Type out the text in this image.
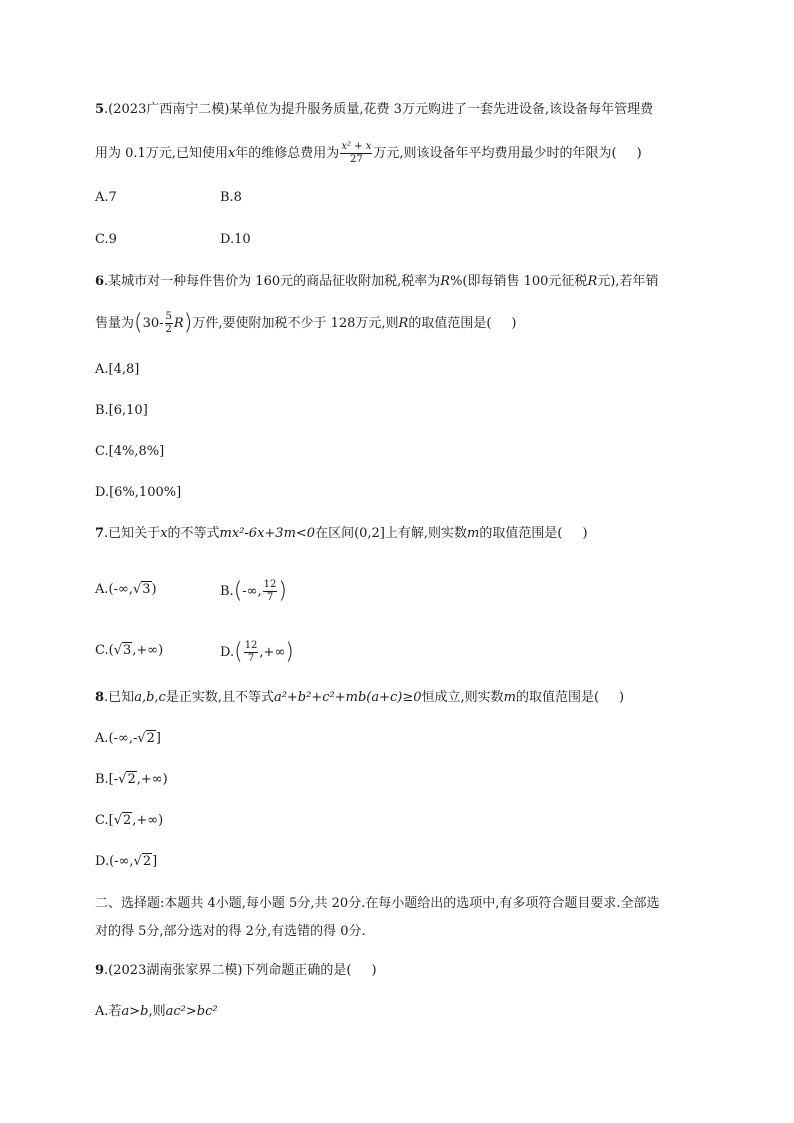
5.(2023广西南宁二模)某单位为提升服务质量,花费 3万元购进了一套先进设备,该设备每年管理费
用为 0.1万元,已知使用x年的维修总费用为 $\frac{\text{x² + x}}{27}$ 万元,则该设备年平均费用最少时的年限为( )
A.7	B.8
C.9	D.10
6.某城市对一种每件售价为 160元的商品征收附加税,税率为R%(即每销售 100元征税R元),若年销
售量为$(30- \frac{5}{2} R)$万件,要使附加税不少于 128万元,则R的取值范围是( )
A.[4,8]
B.[6,10]
C.[4%,8%]
D.[6%,100%]
7.已知关于x的不等式mx²-6x+3m<0在区间(0,2]上有解,则实数m的取值范围是( )
A.(-∞,√3)	B.(-∞, $\frac{12}{7}$ )
C.(√3,+∞)	$D.( \frac{12}{7}$ ,+∞)
8.已知a,b,c是正实数,且不等式a²+b²+c²+mb(a+c)≥0恒成立,则实数m的取值范围是( )
A.(-∞,-√2]
B.[-√2,+∞)
C.[√2,+∞)
D.(-∞,√2]
二、选择题:本题共 4小题,每小题 5分,共 20分.在每小题给出的选项中,有多项符合题目要求.全部选
对的得 5分,部分选对的得 2分,有选错的得 0分.
9.(2023湖南张家界二模)下列命题正确的是( )
A.若a>b,则ac²>bc²
